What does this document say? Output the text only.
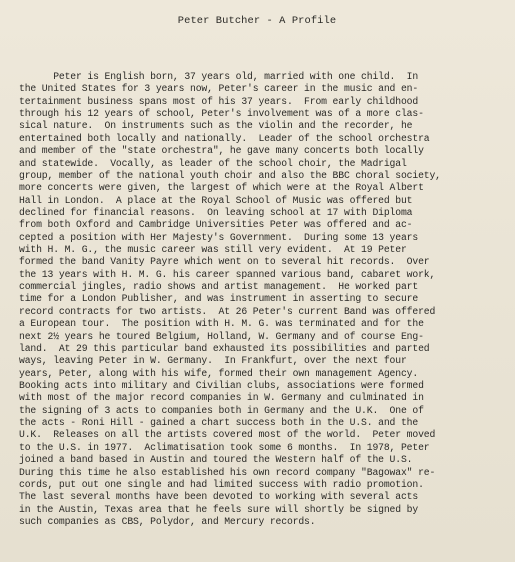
Peter Butcher - A Profile
Peter is English born, 37 years old, married with one child.  In
the United States for 3 years now, Peter's career in the music and en-
tertainment business spans most of his 37 years.  From early childhood
through his 12 years of school, Peter's involvement was of a more clas-
sical nature.  On instruments such as the violin and the recorder, he
entertained both locally and nationally.  Leader of the school orchestra
and member of the "state orchestra", he gave many concerts both locally
and statewide.  Vocally, as leader of the school choir, the Madrigal
group, member of the national youth choir and also the BBC choral society,
more concerts were given, the largest of which were at the Royal Albert
Hall in London.  A place at the Royal School of Music was offered but
declined for financial reasons.  On leaving school at 17 with Diploma
from both Oxford and Cambridge Universities Peter was offered and ac-
cepted a position with Her Majesty's Government.  During some 13 years
with H. M. G., the music career was still very evident.  At 19 Peter
formed the band Vanity Payre which went on to several hit records.  Over
the 13 years with H. M. G. his career spanned various band, cabaret work,
commercial jingles, radio shows and artist management.  He worked part
time for a London Publisher, and was instrument in asserting to secure
record contracts for two artists.  At 26 Peter's current Band was offered
a European tour.  The position with H. M. G. was terminated and for the
next 2½ years he toured Belgium, Holland, W. Germany and of course Eng-
land.  At 29 this particular band exhausted its possibilities and parted
ways, leaving Peter in W. Germany.  In Frankfurt, over the next four
years, Peter, along with his wife, formed their own management Agency.
Booking acts into military and Civilian clubs, associations were formed
with most of the major record companies in W. Germany and culminated in
the signing of 3 acts to companies both in Germany and the U.K.  One of
the acts - Roni Hill - gained a chart success both in the U.S. and the
U.K.  Releases on all the artists covered most of the world.  Peter moved
to the U.S. in 1977.  Aclimatisation took some 6 months.  In 1978, Peter
joined a band based in Austin and toured the Western half of the U.S.
During this time he also established his own record company "Bagowax" re-
cords, put out one single and had limited success with radio promotion.
The last several months have been devoted to working with several acts
in the Austin, Texas area that he feels sure will shortly be signed by
such companies as CBS, Polydor, and Mercury records.
